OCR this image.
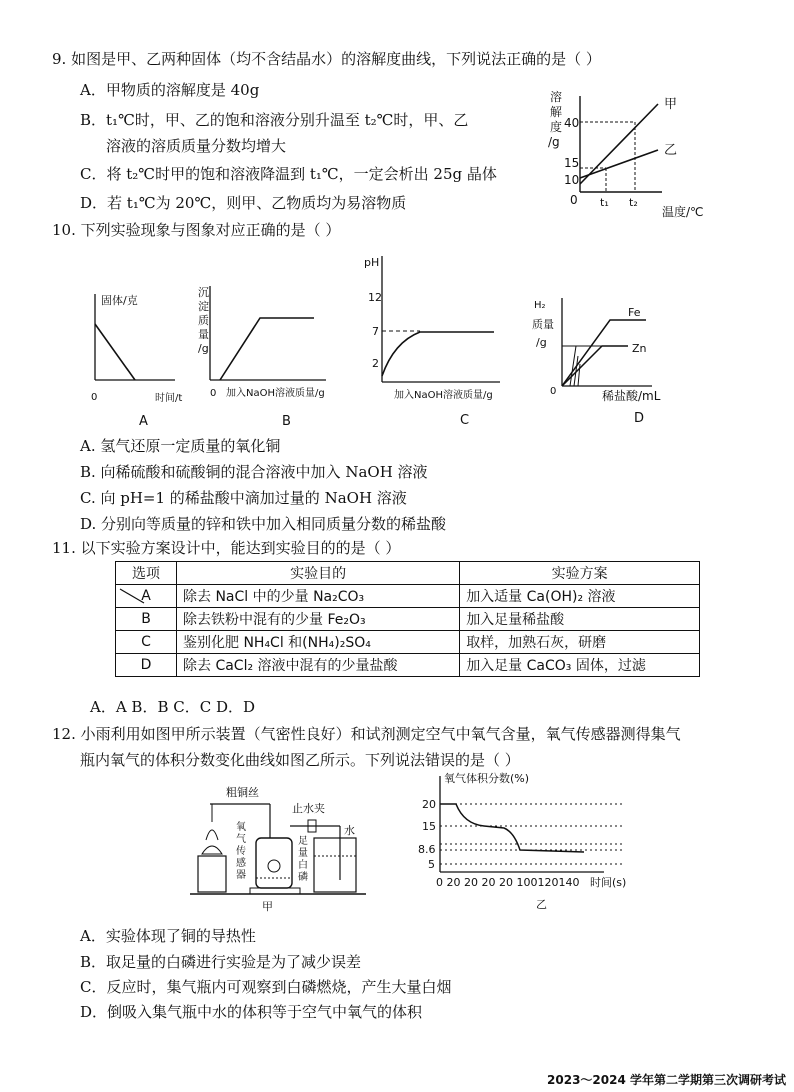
9. 如图是甲、乙两种固体（均不含结晶水）的溶解度曲线，下列说法正确的是（ ）
A．甲物质的溶解度是 40g
B．t₁℃时，甲、乙的饱和溶液分别升温至 t₂℃时，甲、乙
溶液的溶质质量分数均增大
C．将 t₂℃时甲的饱和溶液降温到 t₁℃，一定会析出 25g 晶体
D．若 t₁℃为 20℃，则甲、乙物质均为易溶物质
溶
解
度
/g
40
15
10
0
甲
乙
t₁ t₂
温度/℃
10. 下列实验现象与图象对应正确的是（ ）
固体/克
0	时间/t
A
沉
淀
质
量
/g
0 加入NaOH溶液质量/g
B
pH
12
7
2
加入NaOH溶液质量/g
C
H₂
质量
/g
Fe
Zn
0	稀盐酸/mL
D
A. 氢气还原一定质量的氧化铜
B. 向稀硫酸和硫酸铜的混合溶液中加入 NaOH 溶液
C. 向 pH=1 的稀盐酸中滴加过量的 NaOH 溶液
D. 分别向等质量的锌和铁中加入相同质量分数的稀盐酸
11. 以下实验方案设计中，能达到实验目的的是（ ）
选项	实验目的	实验方案
A	除去 NaCl 中的少量 Na₂CO₃	加入适量 Ca(OH)₂ 溶液
B	除去铁粉中混有的少量 Fe₂O₃	加入足量稀盐酸
C	鉴别化肥 NH₄Cl 和(NH₄)₂SO₄	取样，加熟石灰，研磨
D	除去 CaCl₂ 溶液中混有的少量盐酸	加入足量 CaCO₃ 固体，过滤
A．A B．B C．C D．D
12. 小雨利用如图甲所示装置（气密性良好）和试剂测定空气中氧气含量，氧气传感器测得集气
瓶内氧气的体积分数变化曲线如图乙所示。下列说法错误的是（ ）
粗铜丝
氧
气
传
感
器
止水夹
足
量
白
磷
水
甲
氧气体积分数(%)
20
15
8.6
5
0 20 20 20 20 100120140 时间(s)
乙
A．实验体现了铜的导热性
B．取足量的白磷进行实验是为了减少误差
C．反应时，集气瓶内可观察到白磷燃烧，产生大量白烟
D．倒吸入集气瓶中水的体积等于空气中氧气的体积
2023～2024 学年第二学期第三次调研考试
